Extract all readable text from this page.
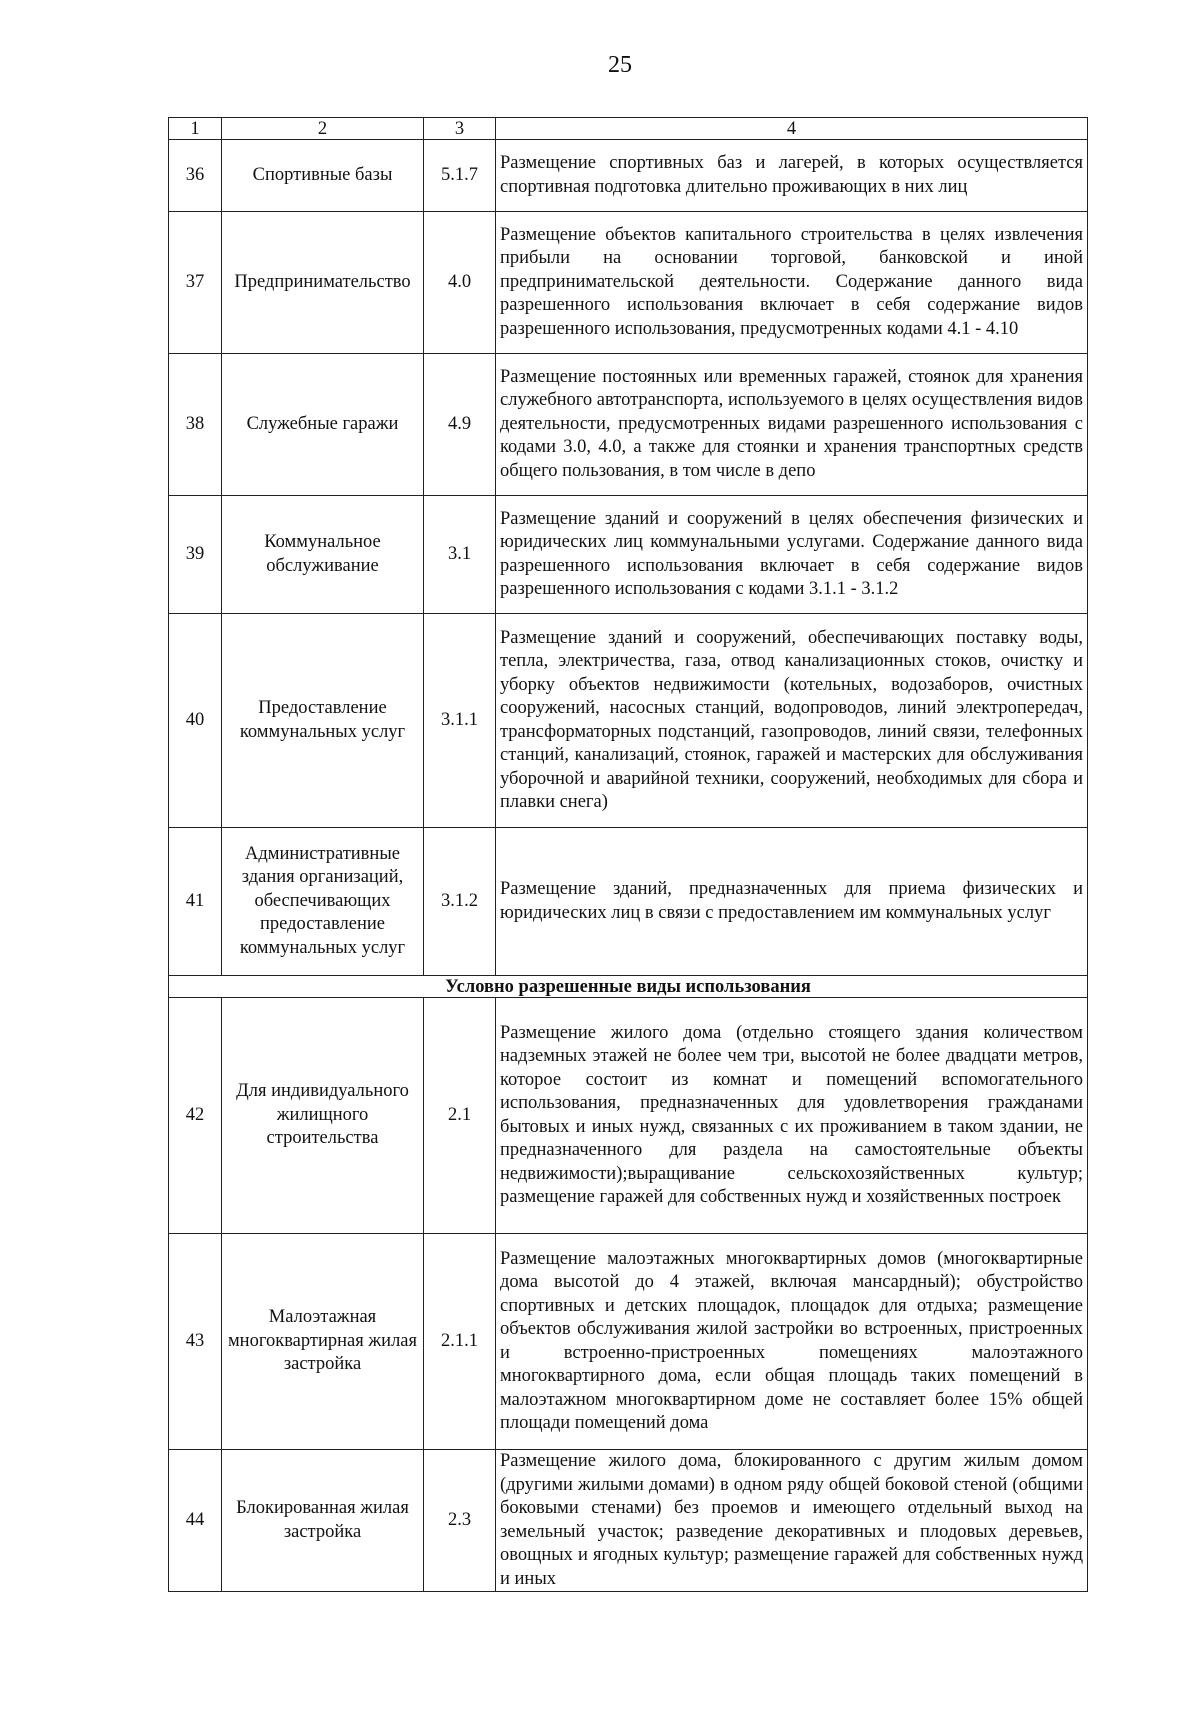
25
1	2	3	4
36	Спортивные базы	5.1.7	Размещение спортивных баз и лагерей, в которых осуществляется спортивная подготовка длительно проживающих в них лиц
37	Предпринимательство	4.0	Размещение объектов капитального строительства в целях извлечения прибыли на основании торговой, банковской и иной предпринимательской деятельности. Содержание данного вида разрешенного использования включает в себя содержание видов разрешенного использования, предусмотренных кодами 4.1 - 4.10
38	Служебные гаражи	4.9	Размещение постоянных или временных гаражей, стоянок для хранения служебного автотранспорта, используемого в целях осуществления видов деятельности, предусмотренных видами разрешенного использования с кодами 3.0, 4.0, а также для стоянки и хранения транспортных средств общего пользования, в том числе в депо
39	Коммунальное обслуживание	3.1	Размещение зданий и сооружений в целях обеспечения физических и юридических лиц коммунальными услугами. Содержание данного вида разрешенного использования включает в себя содержание видов разрешенного использования с кодами 3.1.1 - 3.1.2
40	Предоставление коммунальных услуг	3.1.1	Размещение зданий и сооружений, обеспечивающих поставку воды, тепла, электричества, газа, отвод канализационных стоков, очистку и уборку объектов недвижимости (котельных, водозаборов, очистных сооружений, насосных станций, водопроводов, линий электропередач, трансформаторных подстанций, газопроводов, линий связи, телефонных станций, канализаций, стоянок, гаражей и мастерских для обслуживания уборочной и аварийной техники, сооружений, необходимых для сбора и плавки снега)
41	Административные здания организаций, обеспечивающих предоставление коммунальных услуг	3.1.2	Размещение зданий, предназначенных для приема физических и юридических лиц в связи с предоставлением им коммунальных услуг
Условно разрешенные виды использования			
42	Для индивидуального жилищного строительства	2.1	Размещение жилого дома (отдельно стоящего здания количеством надземных этажей не более чем три, высотой не более двадцати метров, которое состоит из комнат и помещений вспомогательного использования, предназначенных для удовлетворения гражданами бытовых и иных нужд, связанных с их проживанием в таком здании, не предназначенного для раздела на самостоятельные объекты недвижимости);выращивание сельскохозяйственных культур; размещение гаражей для собственных нужд и хозяйственных построек
43	Малоэтажная многоквартирная жилая застройка	2.1.1	Размещение малоэтажных многоквартирных домов (многоквартирные дома высотой до 4 этажей, включая мансардный); обустройство спортивных и детских площадок, площадок для отдыха; размещение объектов обслуживания жилой застройки во встроенных, пристроенных и встроенно-пристроенных помещениях малоэтажного многоквартирного дома, если общая площадь таких помещений в малоэтажном многоквартирном доме не составляет более 15% общей площади помещений дома
44	Блокированная жилая застройка	2.3	Размещение жилого дома, блокированного с другим жилым домом (другими жилыми домами) в одном ряду общей боковой стеной (общими боковыми стенами) без проемов и имеющего отдельный выход на земельный участок; разведение декоративных и плодовых деревьев, овощных и ягодных культур; размещение гаражей для собственных нужд и иных
